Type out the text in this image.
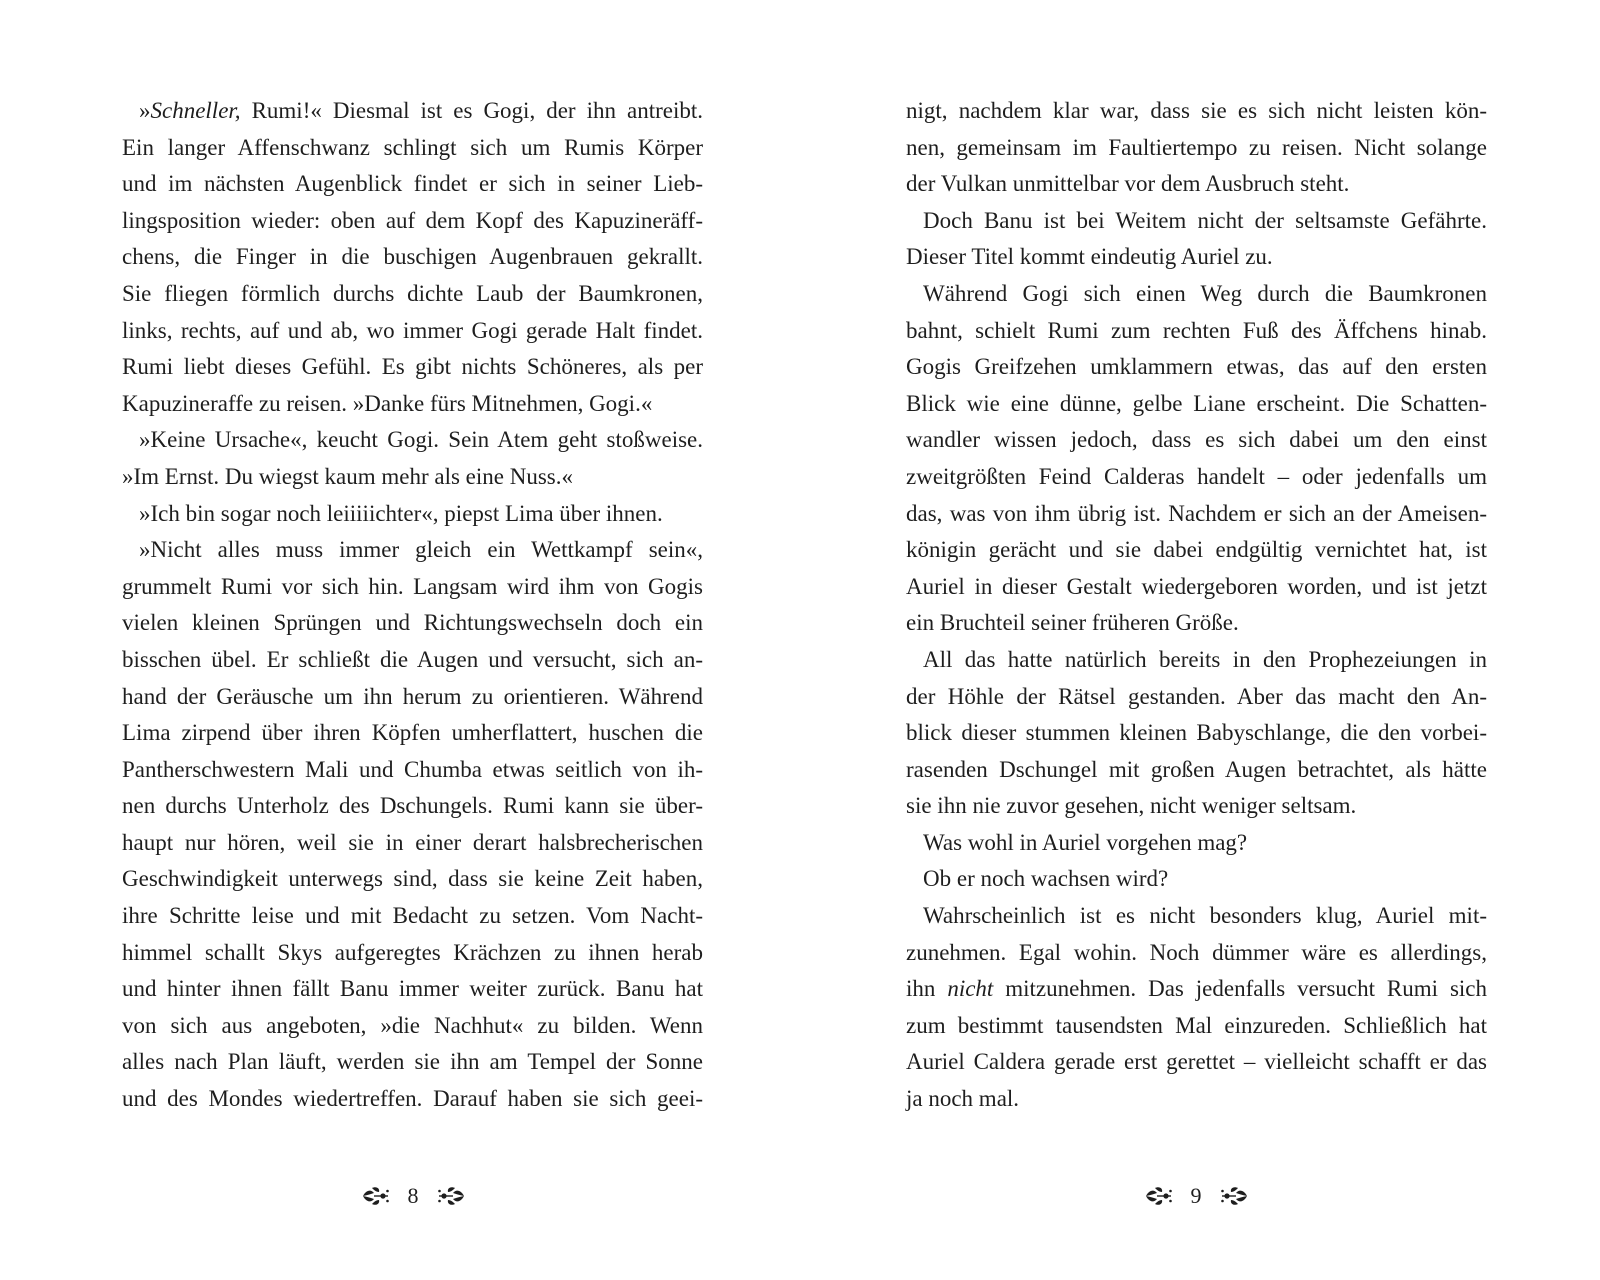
»Schneller, Rumi!« Diesmal ist es Gogi, der ihn antreibt.
Ein langer Affenschwanz schlingt sich um Rumis Körper
und im nächsten Augenblick findet er sich in seiner Lieb-
lingsposition wieder: oben auf dem Kopf des Kapuzineräff-
chens, die Finger in die buschigen Augenbrauen gekrallt.
Sie fliegen förmlich durchs dichte Laub der Baumkronen,
links, rechts, auf und ab, wo immer Gogi gerade Halt findet.
Rumi liebt dieses Gefühl. Es gibt nichts Schöneres, als per
Kapuzineraffe zu reisen. »Danke fürs Mitnehmen, Gogi.«
»Keine Ursache«, keucht Gogi. Sein Atem geht stoßweise.
»Im Ernst. Du wiegst kaum mehr als eine Nuss.«
»Ich bin sogar noch leiiiiichter«, piepst Lima über ihnen.
»Nicht alles muss immer gleich ein Wettkampf sein«,
grummelt Rumi vor sich hin. Langsam wird ihm von Gogis
vielen kleinen Sprüngen und Richtungswechseln doch ein
bisschen übel. Er schließt die Augen und versucht, sich an-
hand der Geräusche um ihn herum zu orientieren. Während
Lima zirpend über ihren Köpfen umherflattert, huschen die
Pantherschwestern Mali und Chumba etwas seitlich von ih-
nen durchs Unterholz des Dschungels. Rumi kann sie über-
haupt nur hören, weil sie in einer derart halsbrecherischen
Geschwindigkeit unterwegs sind, dass sie keine Zeit haben,
ihre Schritte leise und mit Bedacht zu setzen. Vom Nacht-
himmel schallt Skys aufgeregtes Krächzen zu ihnen herab
und hinter ihnen fällt Banu immer weiter zurück. Banu hat
von sich aus angeboten, »die Nachhut« zu bilden. Wenn
alles nach Plan läuft, werden sie ihn am Tempel der Sonne
und des Mondes wiedertreffen. Darauf haben sie sich geei-
8
nigt, nachdem klar war, dass sie es sich nicht leisten kön-
nen, gemeinsam im Faultiertempo zu reisen. Nicht solange
der Vulkan unmittelbar vor dem Ausbruch steht.
Doch Banu ist bei Weitem nicht der seltsamste Gefährte.
Dieser Titel kommt eindeutig Auriel zu.
Während Gogi sich einen Weg durch die Baumkronen
bahnt, schielt Rumi zum rechten Fuß des Äffchens hinab.
Gogis Greifzehen umklammern etwas, das auf den ersten
Blick wie eine dünne, gelbe Liane erscheint. Die Schatten-
wandler wissen jedoch, dass es sich dabei um den einst
zweitgrößten Feind Calderas handelt – oder jedenfalls um
das, was von ihm übrig ist. Nachdem er sich an der Ameisen-
königin gerächt und sie dabei endgültig vernichtet hat, ist
Auriel in dieser Gestalt wiedergeboren worden, und ist jetzt
ein Bruchteil seiner früheren Größe.
All das hatte natürlich bereits in den Prophezeiungen in
der Höhle der Rätsel gestanden. Aber das macht den An-
blick dieser stummen kleinen Babyschlange, die den vorbei-
rasenden Dschungel mit großen Augen betrachtet, als hätte
sie ihn nie zuvor gesehen, nicht weniger seltsam.
Was wohl in Auriel vorgehen mag?
Ob er noch wachsen wird?
Wahrscheinlich ist es nicht besonders klug, Auriel mit-
zunehmen. Egal wohin. Noch dümmer wäre es allerdings,
ihn nicht mitzunehmen. Das jedenfalls versucht Rumi sich
zum bestimmt tausendsten Mal einzureden. Schließlich hat
Auriel Caldera gerade erst gerettet – vielleicht schafft er das
ja noch mal.
9
